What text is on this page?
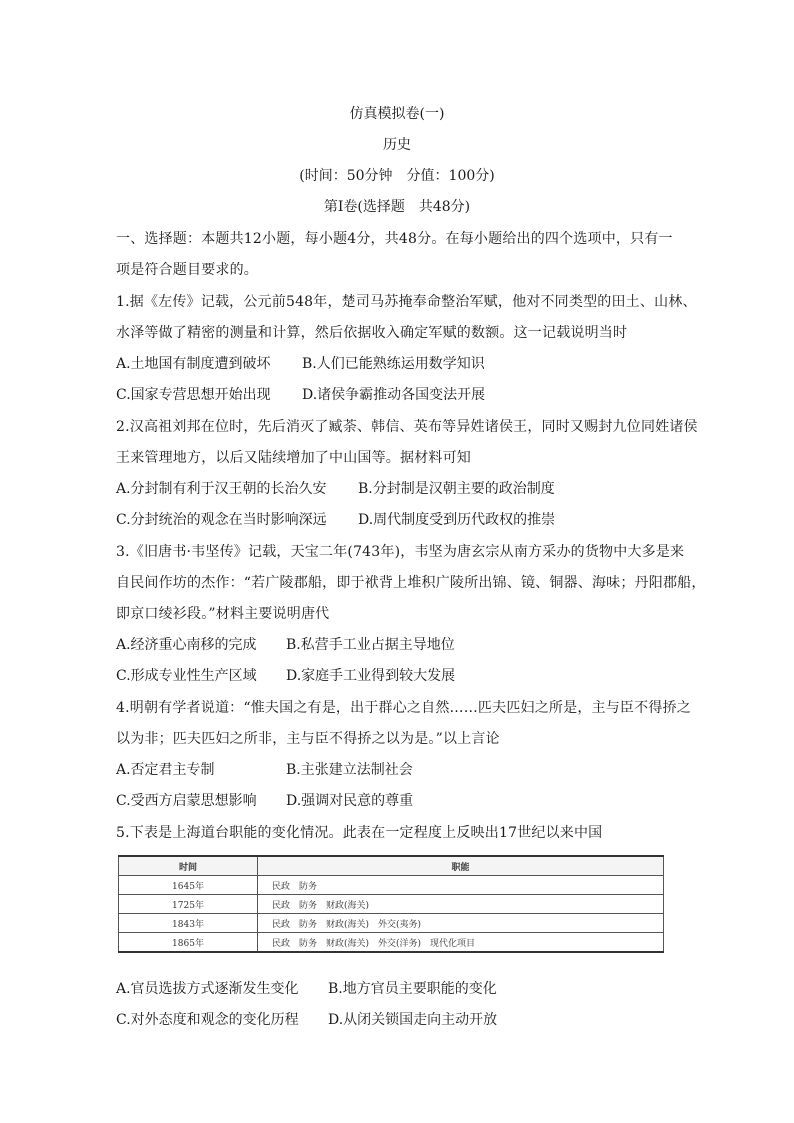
仿真模拟卷(一)
历史
(时间：50分钟　分值：100分)
第Ⅰ卷(选择题　共48分)
一、选择题：本题共12小题，每小题4分，共48分。在每小题给出的四个选项中，只有一
项是符合题目要求的。
1.据《左传》记载，公元前548年，楚司马苏掩奉命整治军赋，他对不同类型的田土、山林、
水泽等做了精密的测量和计算，然后依据收入确定军赋的数额。这一记载说明当时
A.土地国有制度遭到破坏 B.人们已能熟练运用数学知识
C.国家专营思想开始出现 D.诸侯争霸推动各国变法开展
2.汉高祖刘邦在位时，先后消灭了臧荼、韩信、英布等异姓诸侯王，同时又赐封九位同姓诸侯
王来管理地方，以后又陆续增加了中山国等。据材料可知
A.分封制有利于汉王朝的长治久安 B.分封制是汉朝主要的政治制度
C.分封统治的观念在当时影响深远 D.周代制度受到历代政权的推崇
3.《旧唐书·韦坚传》记载，天宝二年(743年)，韦坚为唐玄宗从南方采办的货物中大多是来
自民间作坊的杰作：“若广陵郡船，即于袱背上堆积广陵所出锦、镜、铜器、海味；丹阳郡船，
即京口绫衫段。”材料主要说明唐代
A.经济重心南移的完成 B.私营手工业占据主导地位
C.形成专业性生产区域 D.家庭手工业得到较大发展
4.明朝有学者说道：“惟夫国之有是，出于群心之自然……匹夫匹妇之所是，主与臣不得挢之
以为非；匹夫匹妇之所非，主与臣不得挢之以为是。”以上言论
A.否定君主专制	B.主张建立法制社会
C.受西方启蒙思想影响 D.强调对民意的尊重
5.下表是上海道台职能的变化情况。此表在一定程度上反映出17世纪以来中国
时间	职能
1645年	民政　防务
1725年	民政　防务　财政(海关)
1843年	民政　防务　财政(海关)　外交(夷务)
1865年	民政　防务　财政(海关)　外交(洋务)　现代化项目
A.官员选拔方式逐渐发生变化 B.地方官员主要职能的变化
C.对外态度和观念的变化历程 D.从闭关锁国走向主动开放
